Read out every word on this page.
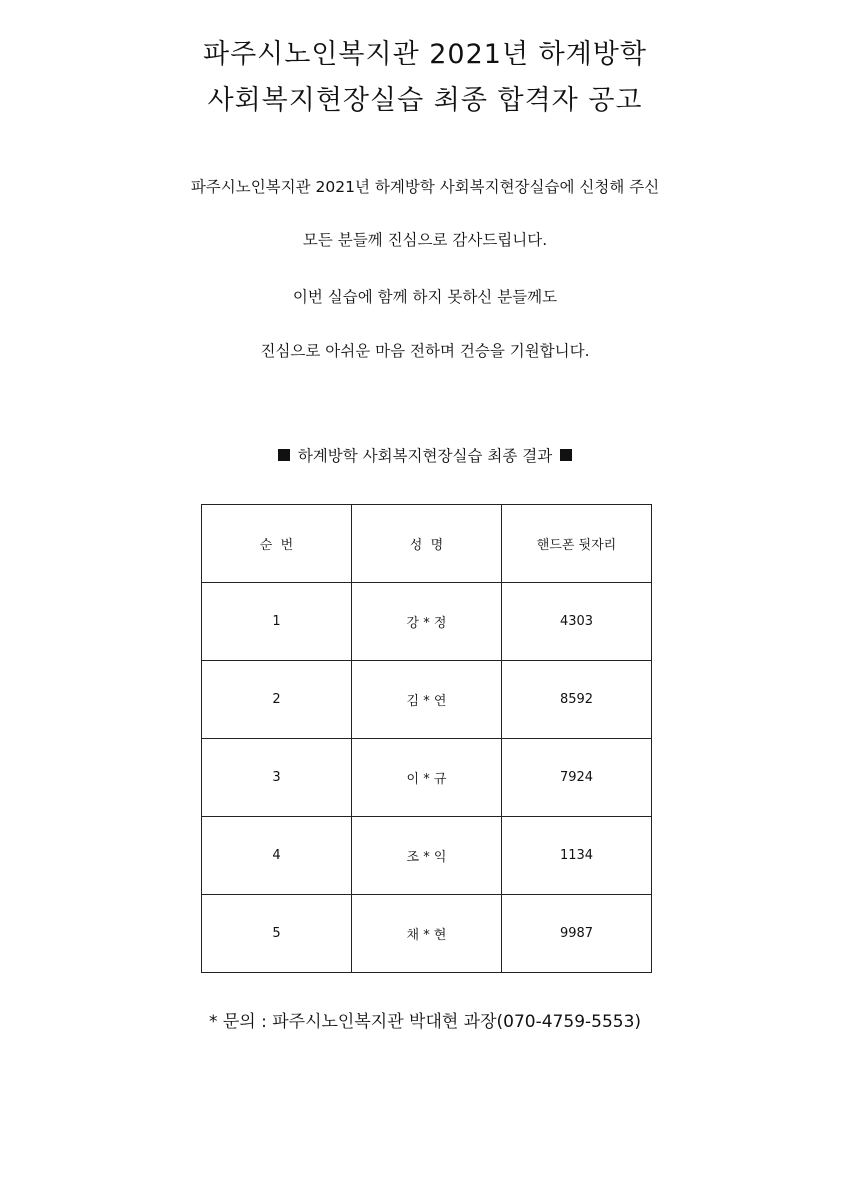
파주시노인복지관 2021년 하계방학
사회복지현장실습 최종 합격자 공고
파주시노인복지관 2021년 하계방학 사회복지현장실습에 신청해 주신
모든 분들께 진심으로 감사드립니다.
이번 실습에 함께 하지 못하신 분들께도
진심으로 아쉬운 마음 전하며 건승을 기원합니다.
하계방학 사회복지현장실습 최종 결과
순  번	성  명	핸드폰 뒷자리
1	강 * 정	4303
2	김 * 연	8592
3	이 * 규	7924
4	조 * 익	1134
5	채 * 현	9987
* 문의 : 파주시노인복지관 박대현 과장(070-4759-5553)
